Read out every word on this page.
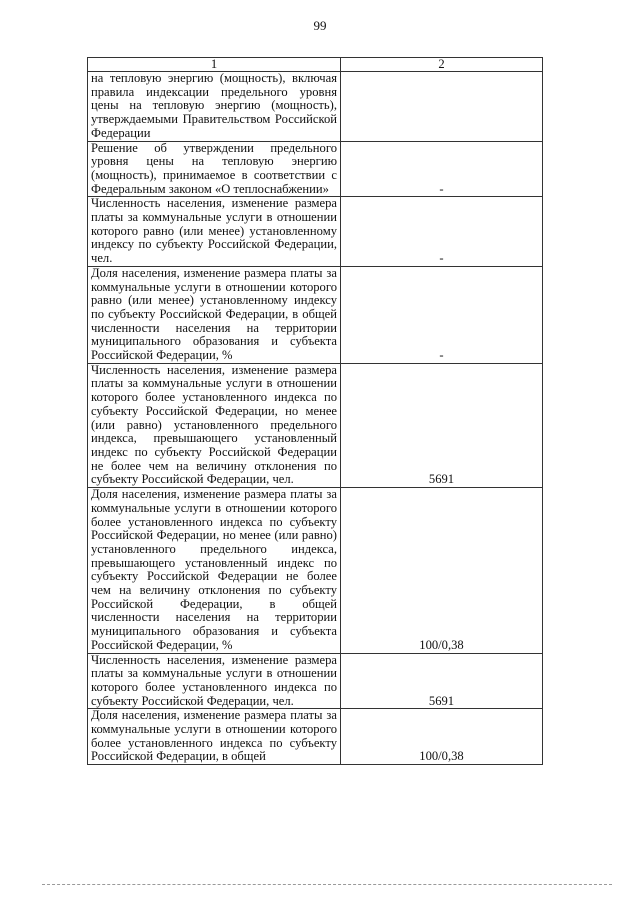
99
1	2
на тепловую энергию (мощность), включая правила индексации предельного уровня цены на тепловую энергию (мощность), утверждаемыми Правительством Российской Федерации	
Решение об утверждении предельного уровня цены на тепловую энергию (мощность), принимаемое в соответствии с Федеральным законом «О теплоснабжении»	-
Численность населения, изменение размера платы за коммунальные услуги в отношении которого равно (или менее) установленному индексу по субъекту Российской Федерации, чел.	-
Доля населения, изменение размера платы за коммунальные услуги в отношении которого равно (или менее) установленному индексу по субъекту Российской Федерации, в общей численности населения на территории муниципального образования и субъекта Российской Федерации, %	-
Численность населения, изменение размера платы за коммунальные услуги в отношении которого более установленного индекса по субъекту Российской Федерации, но менее (или равно) установленного предельного индекса, превышающего установленный индекс по субъекту Российской Федерации не более чем на величину отклонения по субъекту Российской Федерации, чел.	5691
Доля населения, изменение размера платы за коммунальные услуги в отношении которого более установленного индекса по субъекту Российской Федерации, но менее (или равно) установленного предельного индекса, превышающего установленный индекс по субъекту Российской Федерации не более чем на величину отклонения по субъекту Российской Федерации, в общей численности населения на территории муниципального образования и субъекта Российской Федерации, %	100/0,38
Численность населения, изменение размера платы за коммунальные услуги в отношении которого более установленного индекса по субъекту Российской Федерации, чел.	5691
Доля населения, изменение размера платы за коммунальные услуги в отношении которого более установленного индекса по субъекту Российской Федерации, в общей	100/0,38
